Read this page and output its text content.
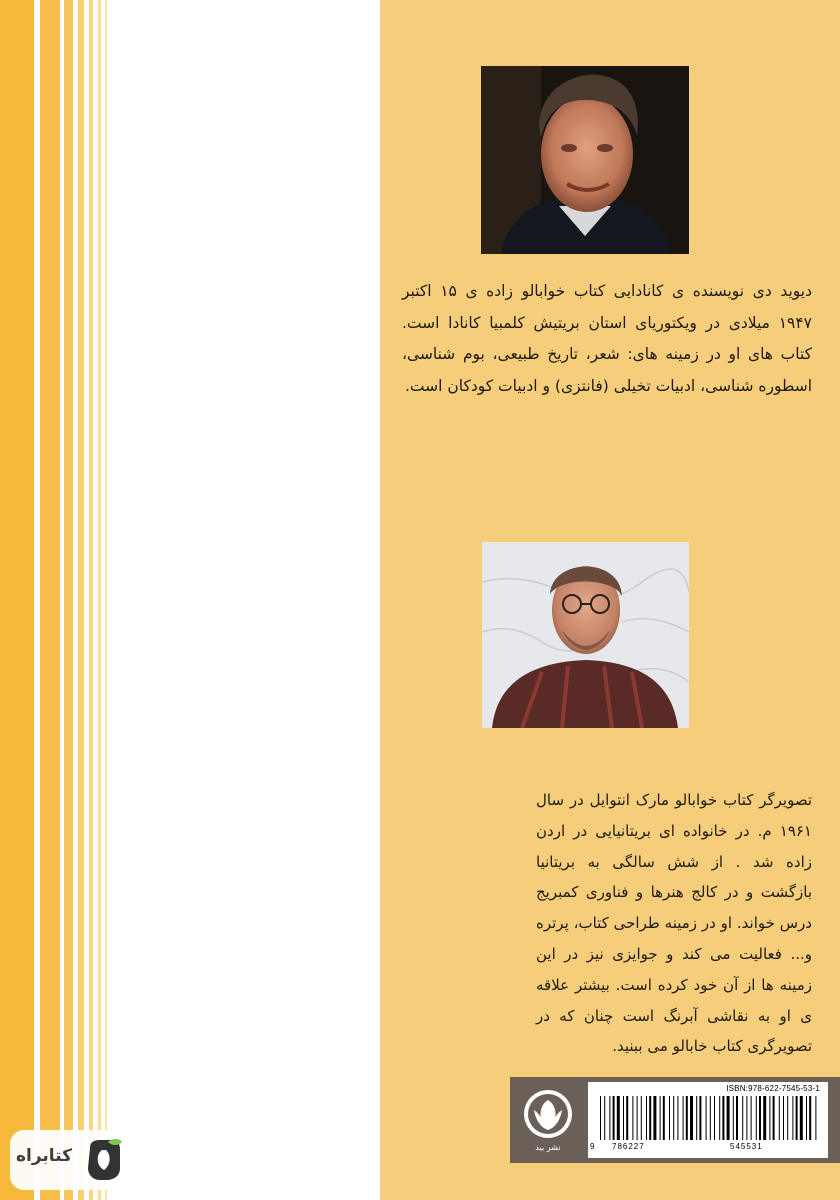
دیوید دی نویسنده ی کانادایی کتاب خوابالو زاده ی ۱۵ اکتبر ۱۹۴۷ میلادی در ویکتوریای استان بریتیش کلمبیا کانادا است. کتاب های او در زمینه های: شعر، تاریخ طبیعی، بوم شناسی، اسطوره شناسی، ادبیات تخیلی (فانتزی) و ادبیات کودکان است.

تصویرگر کتاب خوابالو مارک انتوایل در سال ۱۹۶۱ م. در خانواده ای بریتانیایی در اردن زاده شد . از شش سالگی به بریتانیا بازگشت و در کالج هنرها و فناوری کمبریج درس خواند. او در زمینه طراحی کتاب، پرتره و... فعالیت می کند و جوایزی نیز در این زمینه ها از آن خود کرده است. بیشتر علاقه ی او به نقاشی آبرنگ است چنان که در تصویرگری کتاب خابالو می ببنید.

نشر بید
ISBN:978-622-7545-53-1
9 786227	545531
کتابراه
